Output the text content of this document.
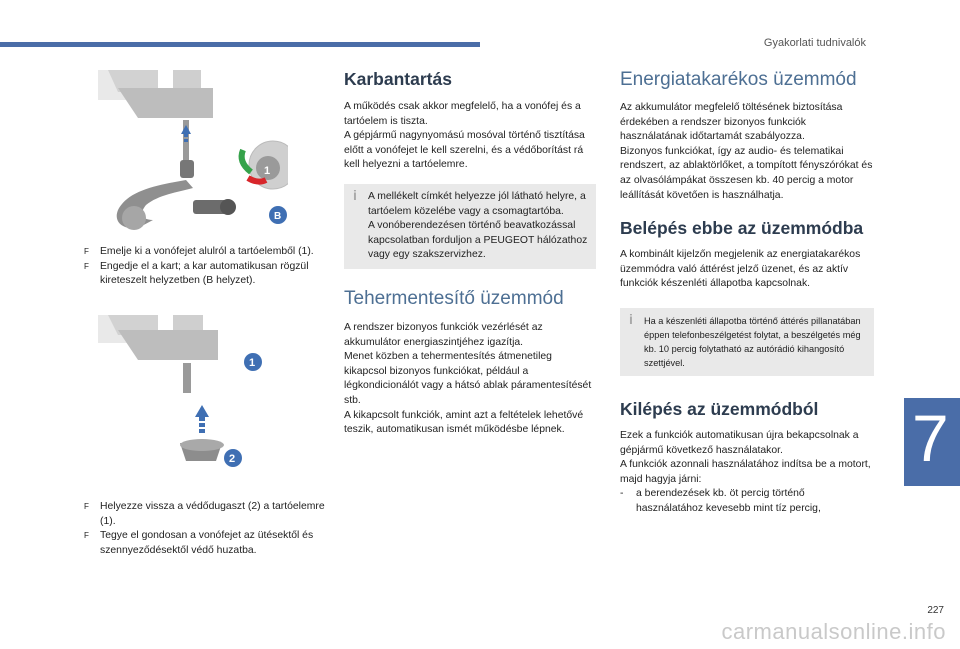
Gyakorlati tudnivalók
7
1
B
F Emelje ki a vonófejet alulról a tartóelemből (1).
F Engedje el a kart; a kar automatikusan rögzül kireteszelt helyzetben (B helyzet).
1
2
F Helyezze vissza a védődugaszt (2) a tartóelemre (1).
F Tegye el gondosan a vonófejet az ütésektől és szennyeződésektől védő huzatba.
Karbantartás

A működés csak akkor megfelelő, ha a vonófej és a tartóelem is tiszta.

A gépjármű nagynyomású mosóval történő tisztítása előtt a vonófejet le kell szerelni, és a védőborítást rá kell helyezni a tartóelemre.

i A mellékelt címkét helyezze jól látható helyre, a tartóelem közelébe vagy a csomagtartóba.

A vonóberendezésen történő beavatkozással kapcsolatban forduljon a PEUGEOT hálózathoz vagy egy szakszervizhez.

Tehermentesítő üzemmód

A rendszer bizonyos funkciók vezérlését az akkumulátor energiaszintjéhez igazítja.

Menet közben a tehermentesítés átmenetileg kikapcsol bizonyos funkciókat, például a légkondicionálót vagy a hátsó ablak páramentesítését stb.

A kikapcsolt funkciók, amint azt a feltételek lehetővé teszik, automatikusan ismét működésbe lépnek.

Energiatakarékos üzemmód

Az akkumulátor megfelelő töltésének biztosítása érdekében a rendszer bizonyos funkciók használatának időtartamát szabályozza.

Bizonyos funkciókat, így az audio- és telematikai rendszert, az ablaktörlőket, a tompított fényszórókat és az olvasólámpákat összesen kb. 40 percig a motor leállítását követően is használhatja.

Belépés ebbe az üzemmódba

A kombinált kijelzőn megjelenik az energiatakarékos üzemmódra való áttérést jelző üzenet, és az aktív funkciók készenléti állapotba kapcsolnak.

i Ha a készenléti állapotba történő áttérés pillanatában éppen telefonbeszélgetést folytat, a beszélgetés még kb. 10 percig folytatható az autórádió kihangosító szettjével.

Kilépés az üzemmódból

Ezek a funkciók automatikusan újra bekapcsolnak a gépjármű következő használatakor.

A funkciók azonnali használatához indítsa be a motort, majd hagyja járni:

- a berendezések kb. öt percig történő használatához kevesebb mint tíz percig,
227
carmanualsonline.info
